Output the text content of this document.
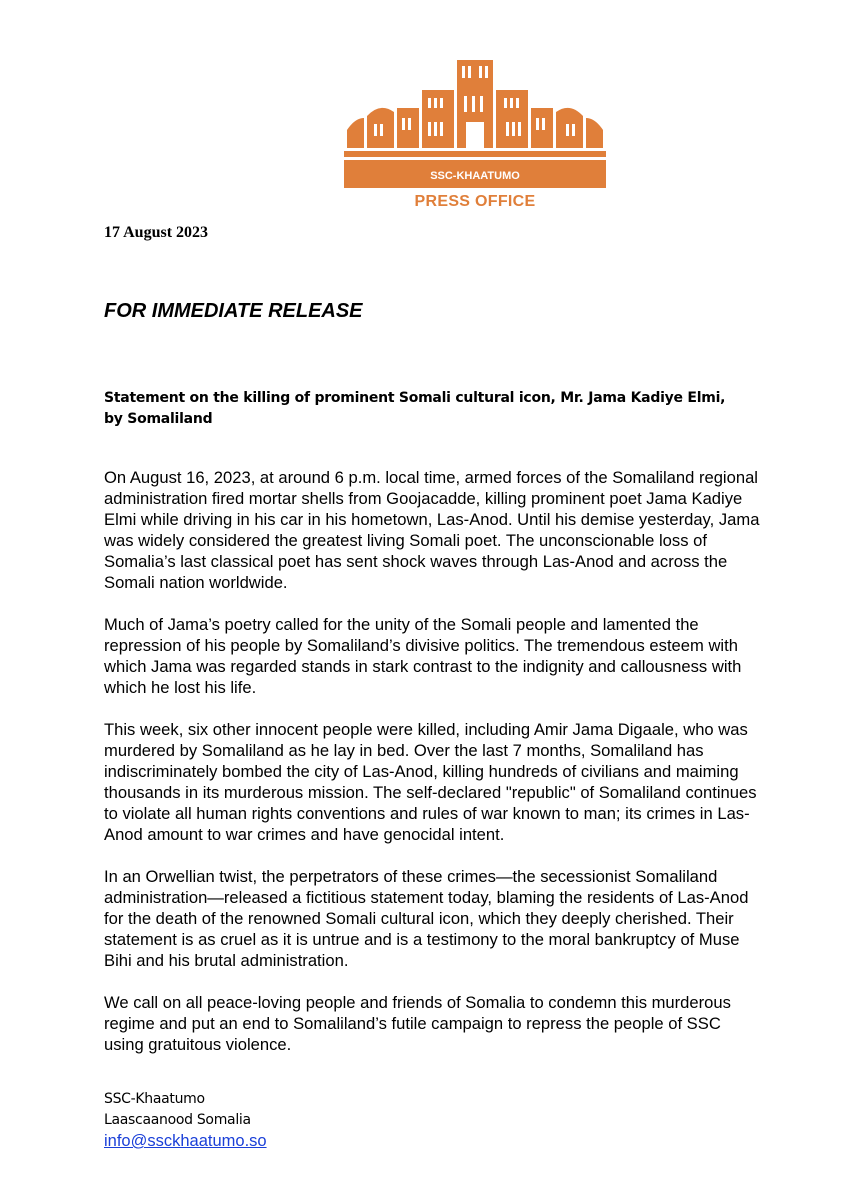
SSC-KHAATUMO
PRESS OFFICE
17 August 2023
FOR IMMEDIATE RELEASE
Statement on the killing of prominent Somali cultural icon, Mr. Jama Kadiye Elmi, by Somaliland

On August 16, 2023, at around 6 p.m. local time, armed forces of the Somaliland regional administration fired mortar shells from Goojacadde, killing prominent poet Jama Kadiye Elmi while driving in his car in his hometown, Las-Anod. Until his demise yesterday, Jama was widely considered the greatest living Somali poet. The unconscionable loss of Somalia’s last classical poet has sent shock waves through Las-Anod and across the Somali nation worldwide.

Much of Jama’s poetry called for the unity of the Somali people and lamented the repression of his people by Somaliland’s divisive politics. The tremendous esteem with which Jama was regarded stands in stark contrast to the indignity and callousness with which he lost his life.

This week, six other innocent people were killed, including Amir Jama Digaale, who was murdered by Somaliland as he lay in bed. Over the last 7 months, Somaliland has indiscriminately bombed the city of Las-Anod, killing hundreds of civilians and maiming thousands in its murderous mission. The self-declared "republic" of Somaliland continues to violate all human rights conventions and rules of war known to man; its crimes in Las-Anod amount to war crimes and have genocidal intent.

In an Orwellian twist, the perpetrators of these crimes—the secessionist Somaliland administration—released a fictitious statement today, blaming the residents of Las-Anod for the death of the renowned Somali cultural icon, which they deeply cherished. Their statement is as cruel as it is untrue and is a testimony to the moral bankruptcy of Muse Bihi and his brutal administration.

We call on all peace-loving people and friends of Somalia to condemn this murderous regime and put an end to Somaliland’s futile campaign to repress the people of SSC using gratuitous violence.

SSC-Khaatumo
Laascaanood Somalia
info@ssckhaatumo.so
